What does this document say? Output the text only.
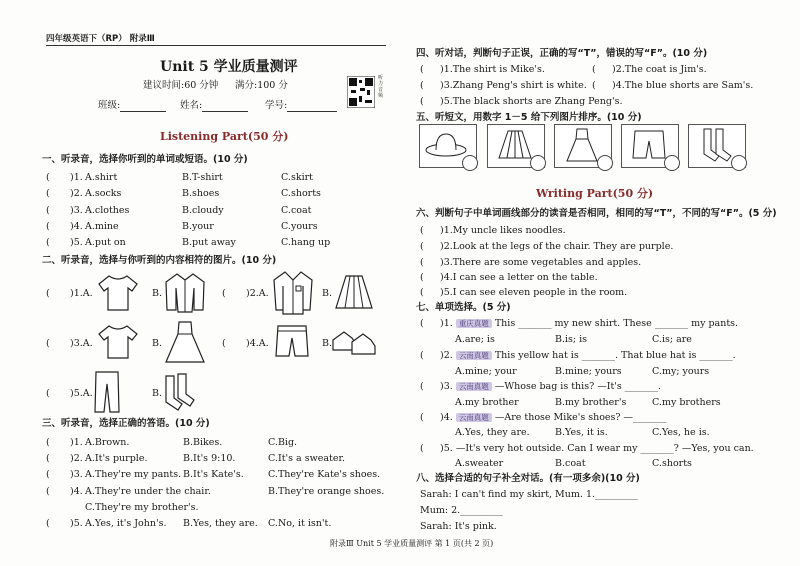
四年级英语下（RP） 附录Ⅲ
Unit 5 学业质量测评
建议时间:60 分钟 满分:100 分
班级:	姓名:	学号:
听力音频
Listening Part(50 分)
一、听录音，选择你听到的单词或短语。(10 分)
( )1. A.shirt	B.T-shirt	C.skirt
( )2. A.socks	B.shoes	C.shorts
( )3. A.clothes	B.cloudy	C.coat
( )4. A.mine	B.your	C.yours
( )5. A.put on	B.put away	C.hang up
二、听录音，选择与你听到的内容相符的图片。(10 分)
( )1.A.	B.	( )2.A.	B.
( )3.A.	B.	( )4.A.	B.
( )5.A.	B.
三、听录音，选择正确的答语。(10 分)
( )1. A.Brown.	B.Bikes.	C.Big.
( )2. A.It's purple.	B.It's 9:10.	C.It's a sweater.
( )3. A.They're my pants. B.It's Kate's.	C.They're Kate's shoes.
( )4. A.They're under the chair.	B.They're orange shoes.
C.They're my brother's.
( )5. A.Yes, it's John's. B.Yes, they are. C.No, it isn't.
四、听对话，判断句子正误，正确的写“T”，错误的写“F”。(10 分)
( )1.The shirt is Mike's.	( )2.The coat is Jim's.
( )3.Zhang Peng's shirt is white. ( )4.The blue shorts are Sam's.
( )5.The black shorts are Zhang Peng's.
五、听短文，用数字 1－5 给下列图片排序。(10 分)
Writing Part(50 分)
六、判断句子中单词画线部分的读音是否相同，相同的写“T”，不同的写“F”。(5 分)
( )1.My uncle likes noodles.
( )2.Look at the legs of the chair. They are purple.
( )3.There are some vegetables and apples.
( )4.I can see a letter on the table.
( )5.I can see eleven people in the room.
七、单项选择。(5 分)
( )1. 重庆真题 This _______ my new shirt. These _______ my pants.
A.are; is	B.is; is	C.is; are
( )2. 云南真题 This yellow hat is _______. That blue hat is _______.
A.mine; your	B.mine; yours	C.my; yours
( )3. 云南真题 —Whose bag is this? —It's _______.
A.my brother	B.my brother's	C.my brothers
( )4. 云南真题 —Are those Mike's shoes? —_______
A.Yes, they are.	B.Yes, it is.	C.Yes, he is.
( )5. —It's very hot outside. Can I wear my _______? —Yes, you can.
A.sweater	B.coat	C.shorts
八、选择合适的句子补全对话。(有一项多余)(10 分)
Sarah: I can't find my skirt, Mum. 1._________
Mum: 2._________
Sarah: It's pink.
附录Ⅲ Unit 5 学业质量测评 第 1 页(共 2 页)
